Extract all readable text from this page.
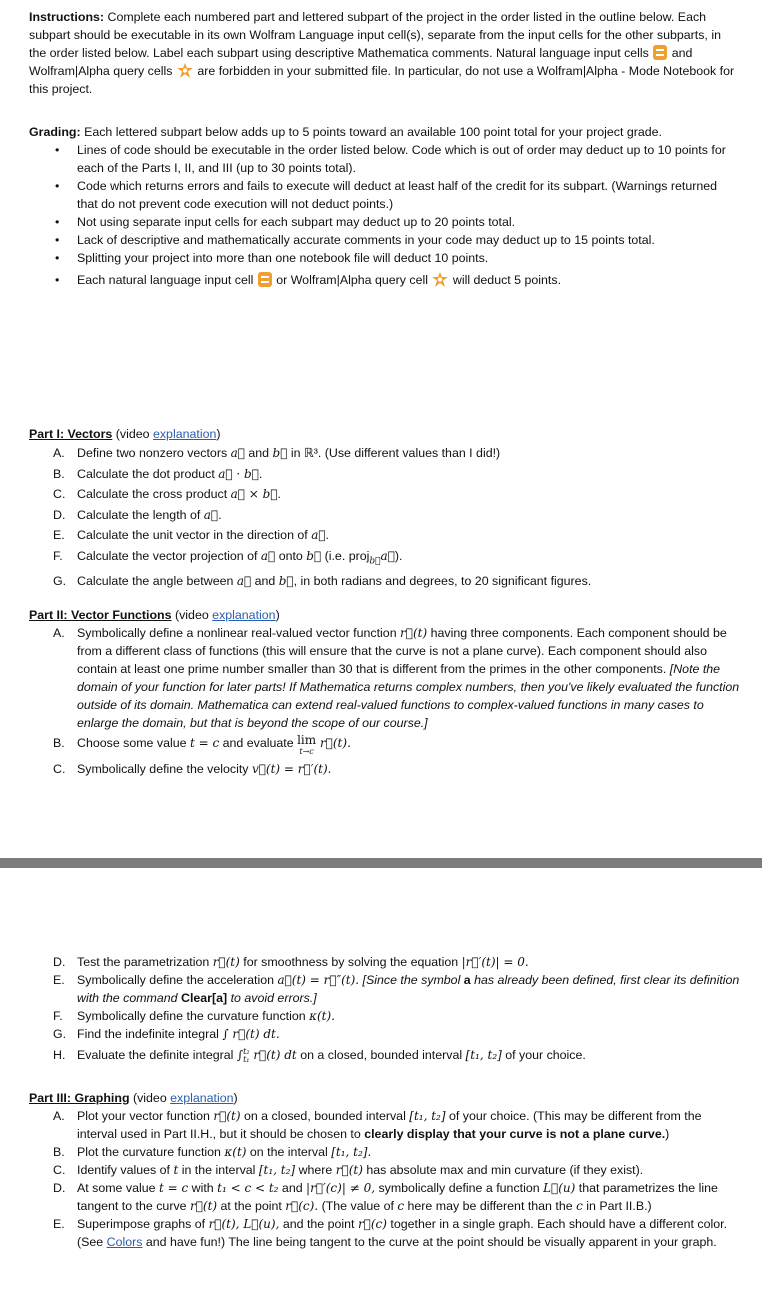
Instructions: Complete each numbered part and lettered subpart of the project in the order listed in the outline below. Each subpart should be executable in its own Wolfram Language input cell(s), separate from the input cells for the other subparts, in the order listed below. Label each subpart using descriptive Mathematica comments. Natural language input cells  and Wolfram|Alpha query cells  are forbidden in your submitted file. In particular, do not use a Wolfram|Alpha - Mode Notebook for this project.

Grading: Each lettered subpart below adds up to 5 points toward an available 100 point total for your project grade.

• Lines of code should be executable in the order listed below. Code which is out of order may deduct up to 10 points for each of the Parts I, II, and III (up to 30 points total).
• Code which returns errors and fails to execute will deduct at least half of the credit for its subpart. (Warnings returned that do not prevent code execution will not deduct points.)
• Not using separate input cells for each subpart may deduct up to 20 points total.
• Lack of descriptive and mathematically accurate comments in your code may deduct up to 15 points total.
• Splitting your project into more than one notebook file will deduct 10 points.
• Each natural language input cell  or Wolfram|Alpha query cell  will deduct 5 points.

Part I: Vectors (video explanation)

A. Define two nonzero vectors a⃗ and b⃗ in ℝ³. (Use different values than I did!)
B. Calculate the dot product a⃗ · b⃗.
C. Calculate the cross product a⃗ × b⃗.
D. Calculate the length of a⃗.
E. Calculate the unit vector in the direction of a⃗.
F. Calculate the vector projection of a⃗ onto b⃗ (i.e. proj$_{b⃗}$a⃗).
G. Calculate the angle between a⃗ and b⃗, in both radians and degrees, to 20 significant figures.

Part II: Vector Functions (video explanation)

A. Symbolically define a nonlinear real-valued vector function r⃗(t) having three components. Each component should be from a different class of functions (this will ensure that the curve is not a plane curve). Each component should also contain at least one prime number smaller than 30 that is different from the primes in the other components. [Note the domain of your function for later parts! If Mathematica returns complex numbers, then you've likely evaluated the function outside of its domain. Mathematica can extend real-valued functions to complex-valued functions in many cases to enlarge the domain, but that is beyond the scope of our course.]
B. Choose some value t = c and evaluate lim
t→c
r⃗(t).
C. Symbolically define the velocity v⃗(t) = r⃗′(t).
D. Test the parametrization r⃗(t) for smoothness by solving the equation |r⃗′(t)| = 0.
E. Symbolically define the acceleration a⃗(t) = r⃗″(t). [Since the symbol a has already been defined, first clear its definition with the command Clear[a] to avoid errors.]
F. Symbolically define the curvature function κ(t).
G. Find the indefinite integral ∫ r⃗(t) dt.
H. Evaluate the definite integral ∫ t₂
t₁ r⃗(t) dt on a closed, bounded interval [t₁, t₂] of your choice.

Part III: Graphing (video explanation)

A. Plot your vector function r⃗(t) on a closed, bounded interval [t₁, t₂] of your choice. (This may be different from the interval used in Part II.H., but it should be chosen to clearly display that your curve is not a plane curve.)
B. Plot the curvature function κ(t) on the interval [t₁, t₂].
C. Identify values of t in the interval [t₁, t₂] where r⃗(t) has absolute max and min curvature (if they exist).
D. At some value t = c with t₁ < c < t₂ and |r⃗′(c)| ≠ 0, symbolically define a function L⃗(u) that parametrizes the line tangent to the curve r⃗(t) at the point r⃗(c). (The value of c here may be different than the c in Part II.B.)
E. Superimpose graphs of r⃗(t), L⃗(u), and the point r⃗(c) together in a single graph. Each should have a different color. (See Colors and have fun!) The line being tangent to the curve at the point should be visually apparent in your graph.
